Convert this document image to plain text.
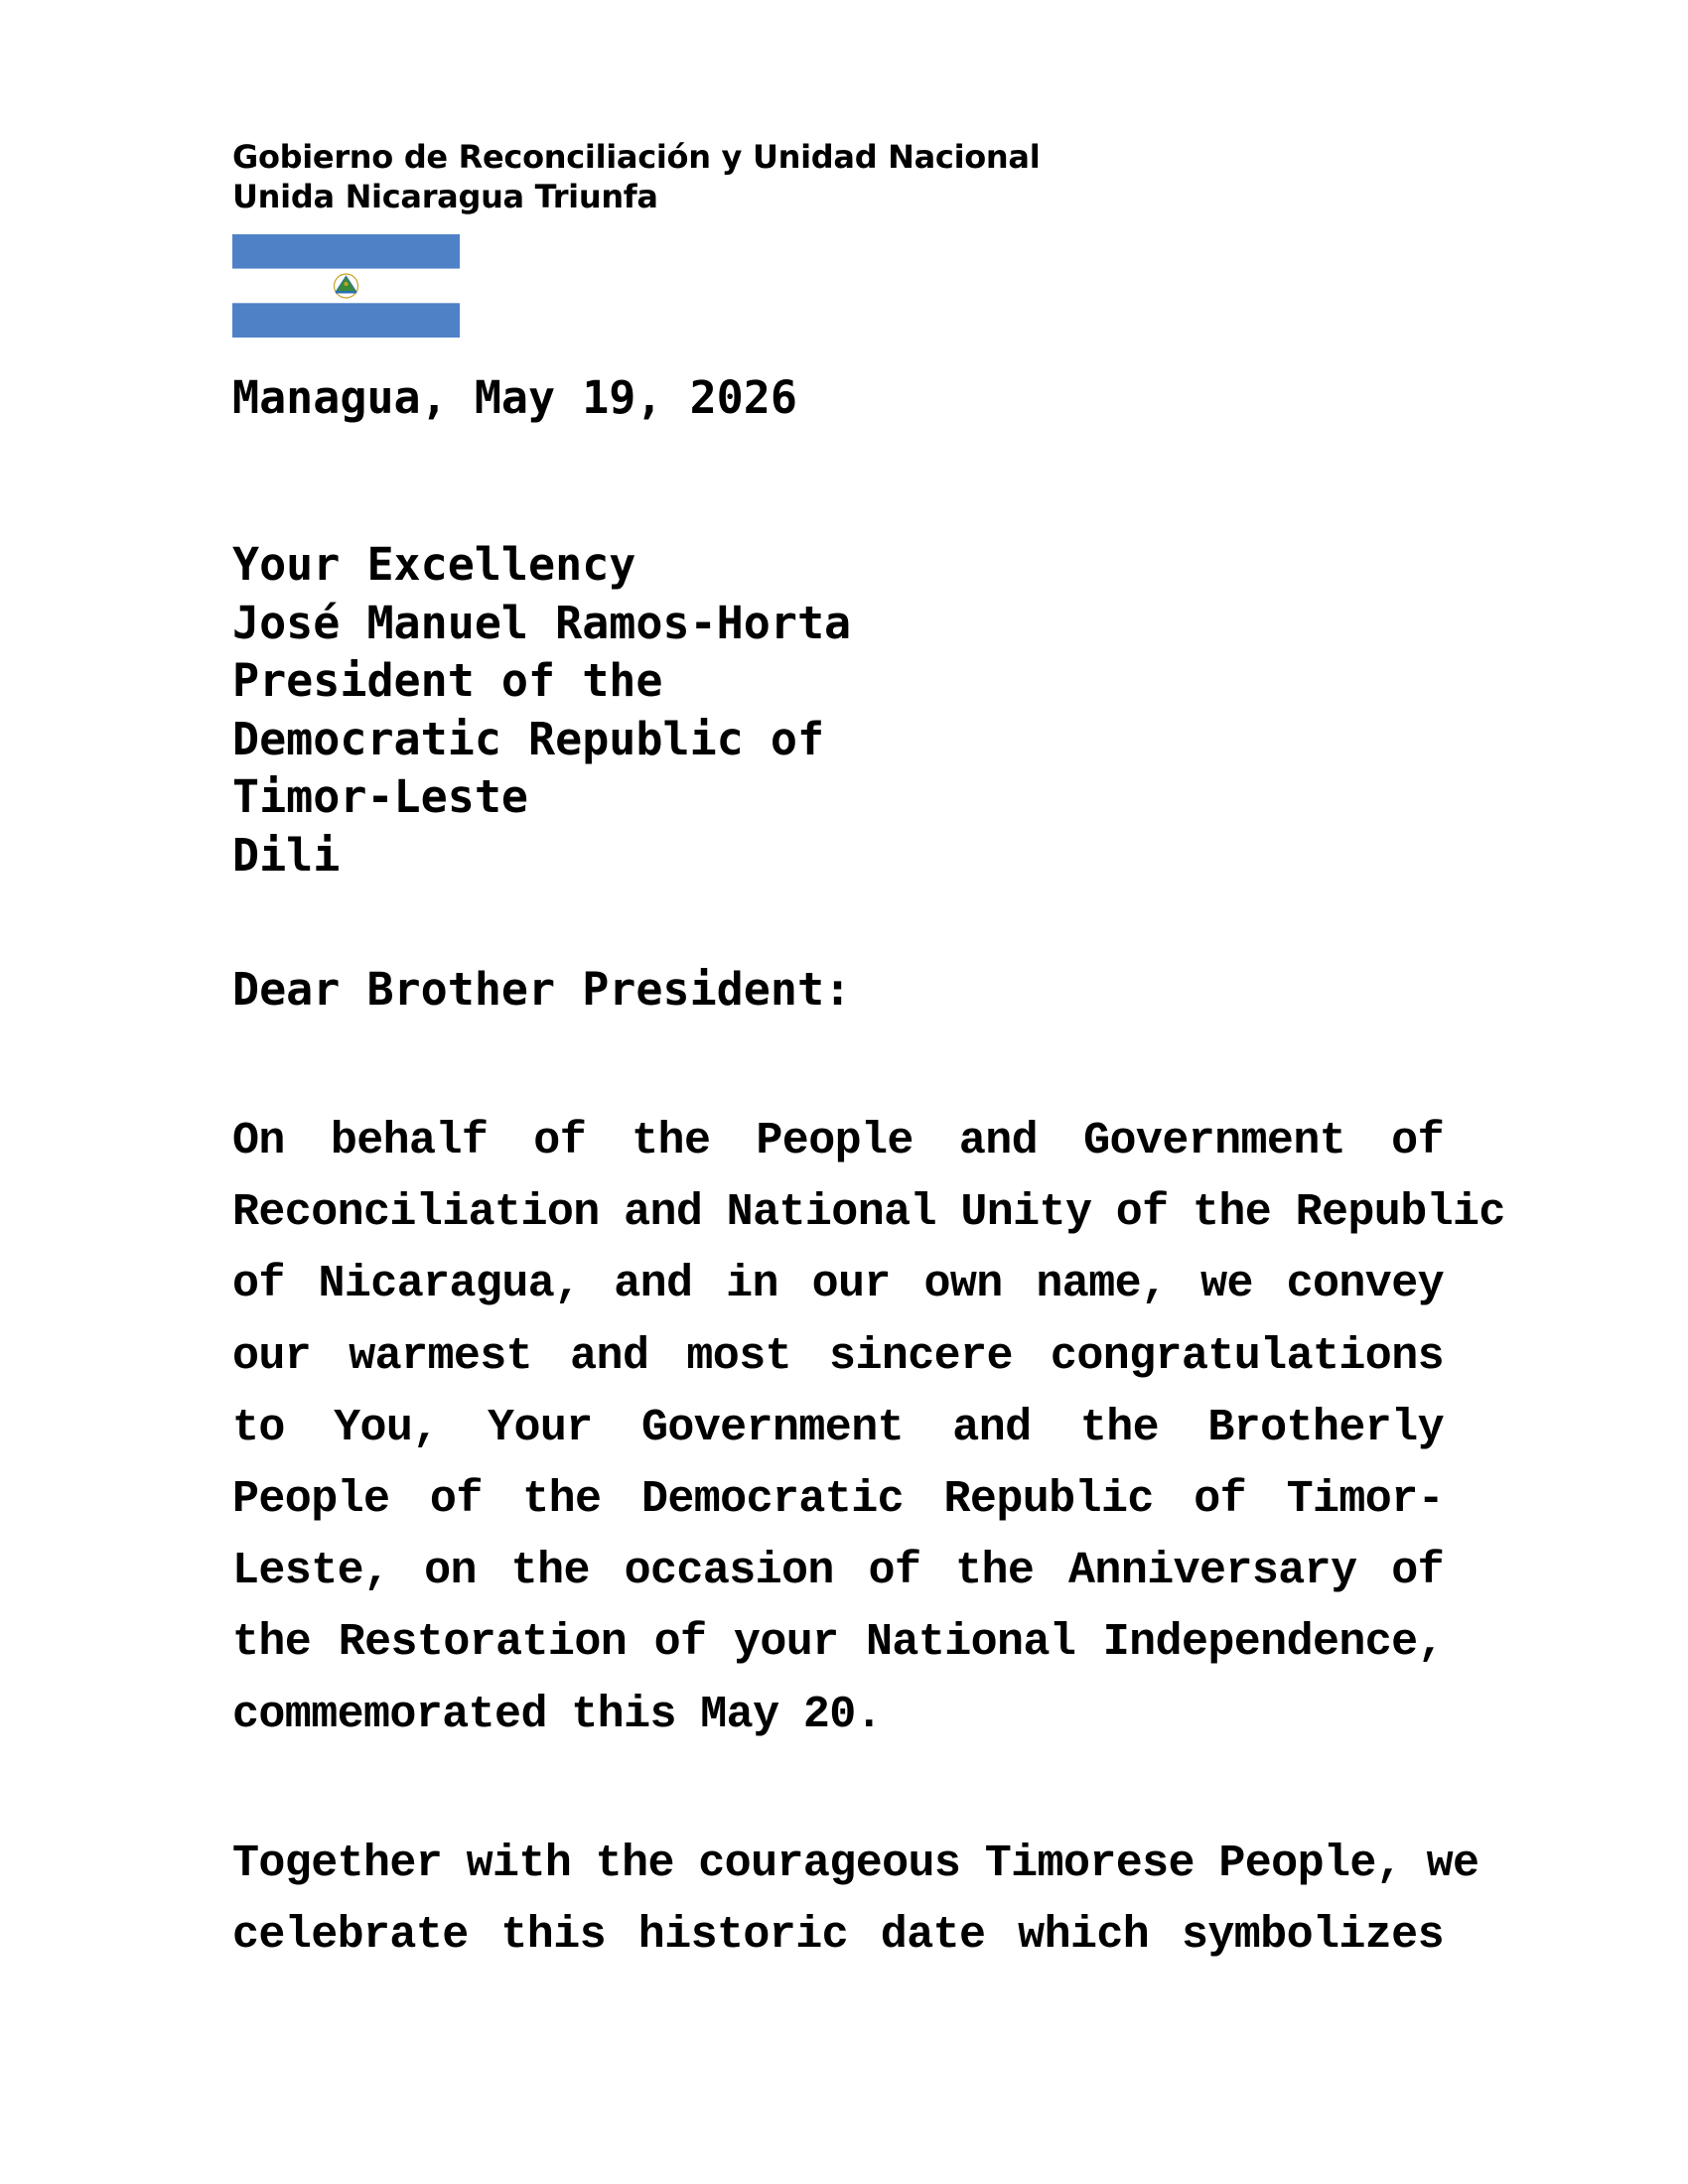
Gobierno de Reconciliación y Unidad Nacional
Unida Nicaragua Triunfa
Managua, May 19, 2026
Your Excellency
José Manuel Ramos-Horta
President of the
Democratic Republic of
Timor-Leste
Dili
Dear Brother President:
On behalf of the People and Government of
Reconciliation and National Unity of the Republic
of Nicaragua, and in our own name, we convey
our warmest and most sincere congratulations
to You, Your Government and the Brotherly
People of the Democratic Republic of Timor-
Leste, on the occasion of the Anniversary of
the Restoration of your National Independence,
commemorated this May 20.
Together with the courageous Timorese People, we
celebrate this historic date which symbolizes
